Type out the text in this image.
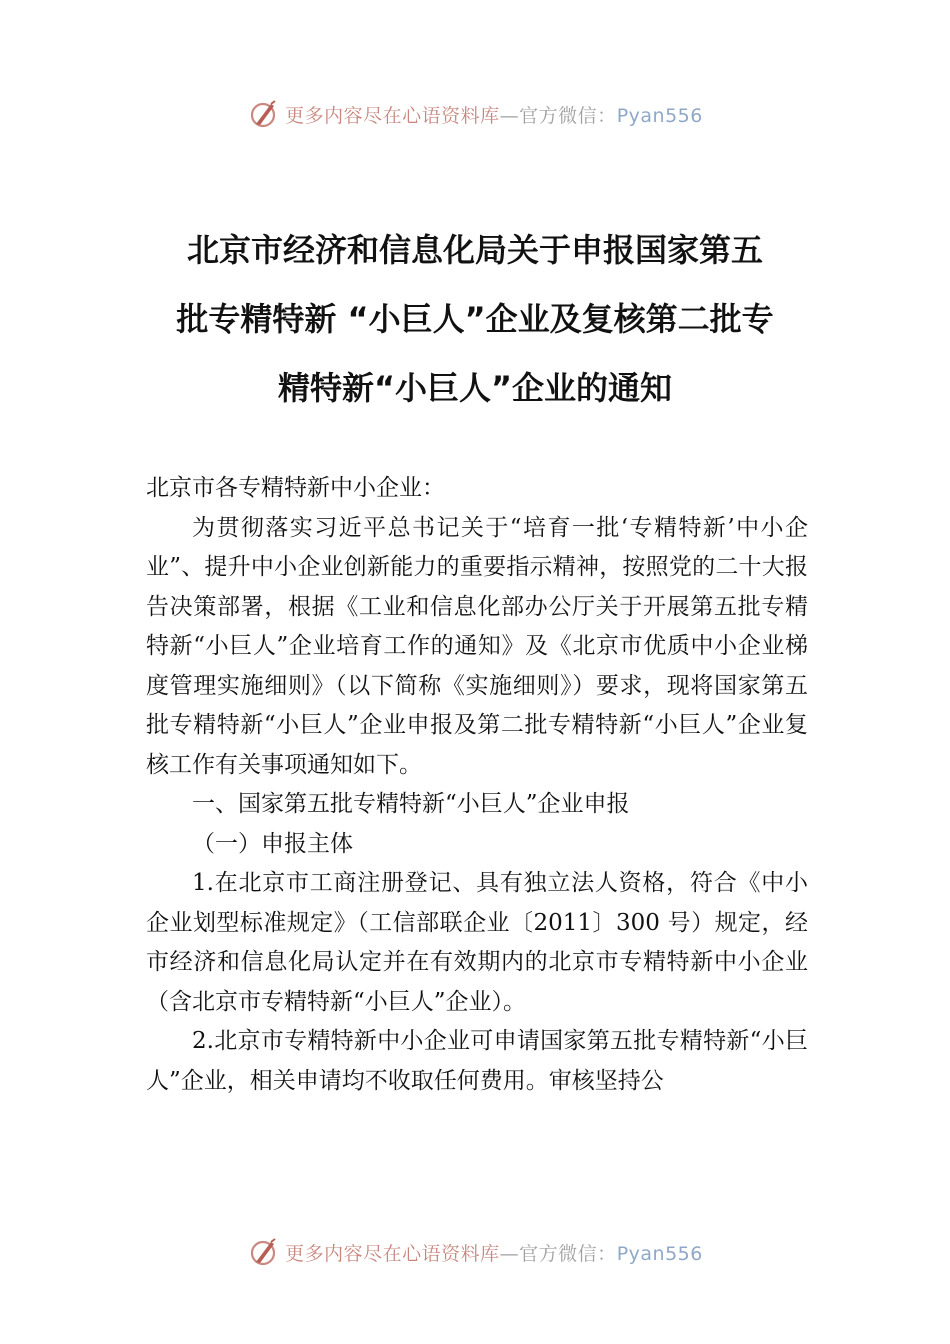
更多内容尽在心语资料库—官方微信：Pyan556
北京市经济和信息化局关于申报国家第五
批专精特新 “小巨人”企业及复核第二批专
精特新“小巨人”企业的通知

北京市各专精特新中小企业：

为贯彻落实习近平总书记关于“培育一批‘专精特新’中小企业”、提升中小企业创新能力的重要指示精神，按照党的二十大报告决策部署，根据《工业和信息化部办公厅关于开展第五批专精特新“小巨人”企业培育工作的通知》及《北京市优质中小企业梯度管理实施细则》（以下简称《实施细则》）要求，现将国家第五批专精特新“小巨人”企业申报及第二批专精特新“小巨人”企业复核工作有关事项通知如下。

一、国家第五批专精特新“小巨人”企业申报

（一）申报主体

1.在北京市工商注册登记、具有独立法人资格，符合《中小企业划型标准规定》（工信部联企业〔2011〕300 号）规定，经市经济和信息化局认定并在有效期内的北京市专精特新中小企业（含北京市专精特新“小巨人”企业）。

2.北京市专精特新中小企业可申请国家第五批专精特新“小巨人”企业，相关申请均不收取任何费用。审核坚持公

更多内容尽在心语资料库—官方微信：Pyan556
